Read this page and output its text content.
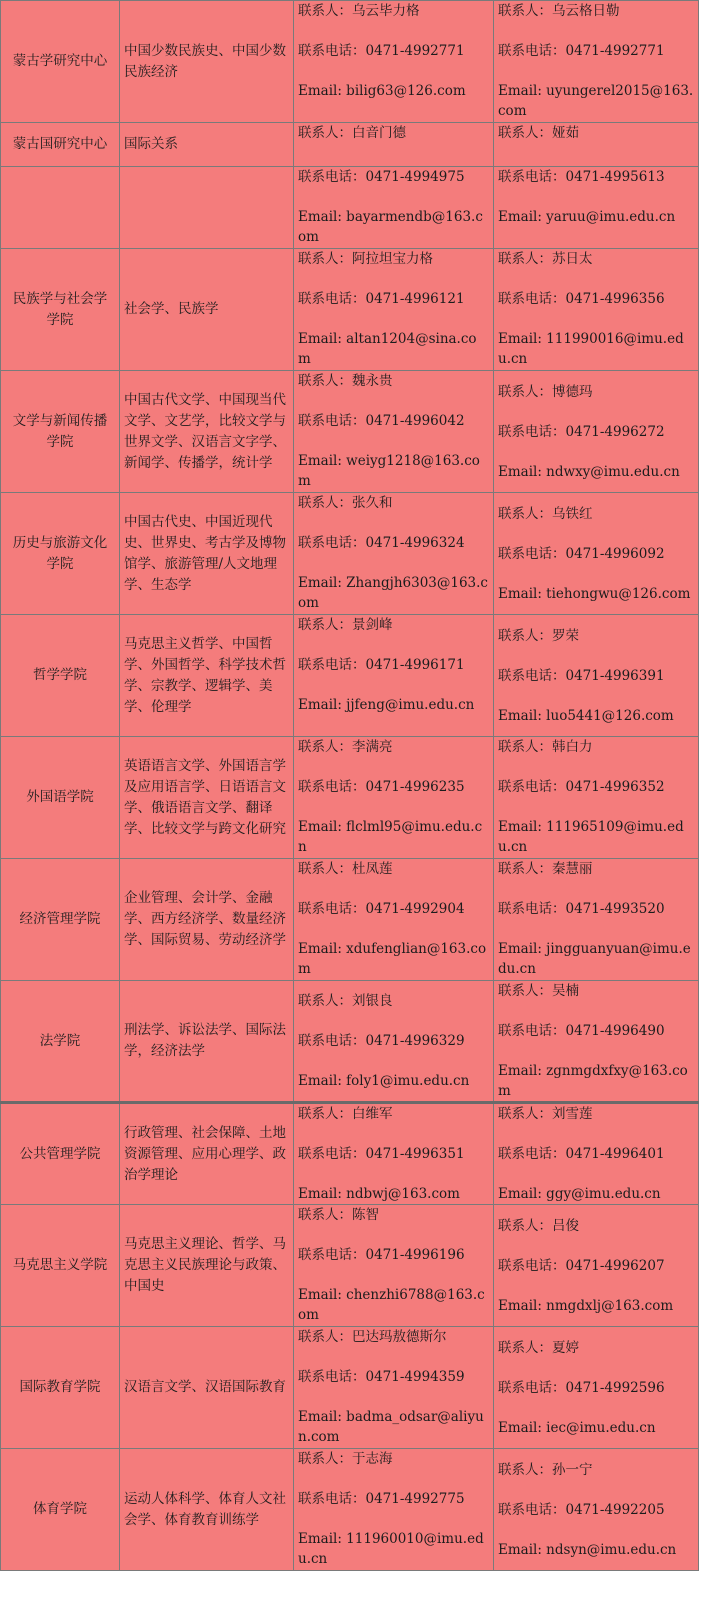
蒙古学研究中心	中国少数民族史、中国少数民族经济	联系人：乌云毕力格
联系电话：0471-4992771
Email: bilig63@126.com	联系人：乌云格日勒
联系电话：0471-4992771
Email: uyungerel2015@163.com

蒙古国研究中心	国际关系	联系人：白音门德	联系人：娅茹

		联系电话：0471-4994975
Email: bayarmendb@163.com	联系电话：0471-4995613
Email: yaruu@imu.edu.cn

民族学与社会学 学院	社会学、民族学	联系人：阿拉坦宝力格
联系电话：0471-4996121
Email: altan1204@sina.com	联系人：苏日太
联系电话：0471-4996356
Email: 111990016@imu.edu.cn

文学与新闻传播 学院	中国古代文学、中国现当代文学、文艺学，比较文学与世界文学、汉语言文字学、新闻学、传播学，统计学	联系人：魏永贵
联系电话：0471-4996042
Email: weiyg1218@163.com	联系人：博德玛
联系电话：0471-4996272
Email: ndwxy@imu.edu.cn

历史与旅游文化 学院	中国古代史、中国近现代史、世界史、考古学及博物馆学、旅游管理/人文地理学、生态学	联系人：张久和
联系电话：0471-4996324
Email: Zhangjh6303@163.com	联系人：乌铁红
联系电话：0471-4996092
Email: tiehongwu@126.com

哲学学院	马克思主义哲学、中国哲学、外国哲学、科学技术哲学、宗教学、逻辑学、美学、伦理学	联系人：景剑峰
联系电话：0471-4996171
Email: jjfeng@imu.edu.cn	联系人：罗荣
联系电话：0471-4996391
Email: luo5441@126.com

外国语学院	英语语言文学、外国语言学及应用语言学、日语语言文学、俄语语言文学、翻译学、比较文学与跨文化研究	联系人：李满亮
联系电话：0471-4996235
Email: flclml95@imu.edu.cn	联系人：韩白力
联系电话：0471-4996352
Email: 111965109@imu.edu.cn

经济管理学院	企业管理、会计学、金融学、西方经济学、数量经济学、国际贸易、劳动经济学	联系人：杜凤莲
联系电话：0471-4992904
Email: xdufenglian@163.com	联系人：秦慧丽
联系电话：0471-4993520
Email: jingguanyuan@imu.edu.cn

法学院	刑法学、诉讼法学、国际法学，经济法学	联系人：刘银良
联系电话：0471-4996329
Email: foly1@imu.edu.cn	联系人：吴楠
联系电话：0471-4996490
Email: zgnmgdxfxy@163.com

公共管理学院	行政管理、社会保障、土地资源管理、应用心理学、政治学理论	联系人：白维军
联系电话：0471-4996351
Email: ndbwj@163.com	联系人：刘雪莲
联系电话：0471-4996401
Email: ggy@imu.edu.cn

马克思主义学院	马克思主义理论、哲学、马克思主义民族理论与政策、中国史	联系人：陈智
联系电话：0471-4996196
Email: chenzhi6788@163.com	联系人：吕俊
联系电话：0471-4996207
Email: nmgdxlj@163.com

国际教育学院	汉语言文学、汉语国际教育	联系人：巴达玛敖德斯尔
联系电话：0471-4994359
Email: badma_odsar@aliyun.com	联系人：夏婷
联系电话：0471-4992596
Email: iec@imu.edu.cn

体育学院	运动人体科学、体育人文社会学、体育教育训练学	联系人：于志海
联系电话：0471-4992775
Email: 111960010@imu.edu.cn	联系人：孙一宁
联系电话：0471-4992205
Email: ndsyn@imu.edu.cn
